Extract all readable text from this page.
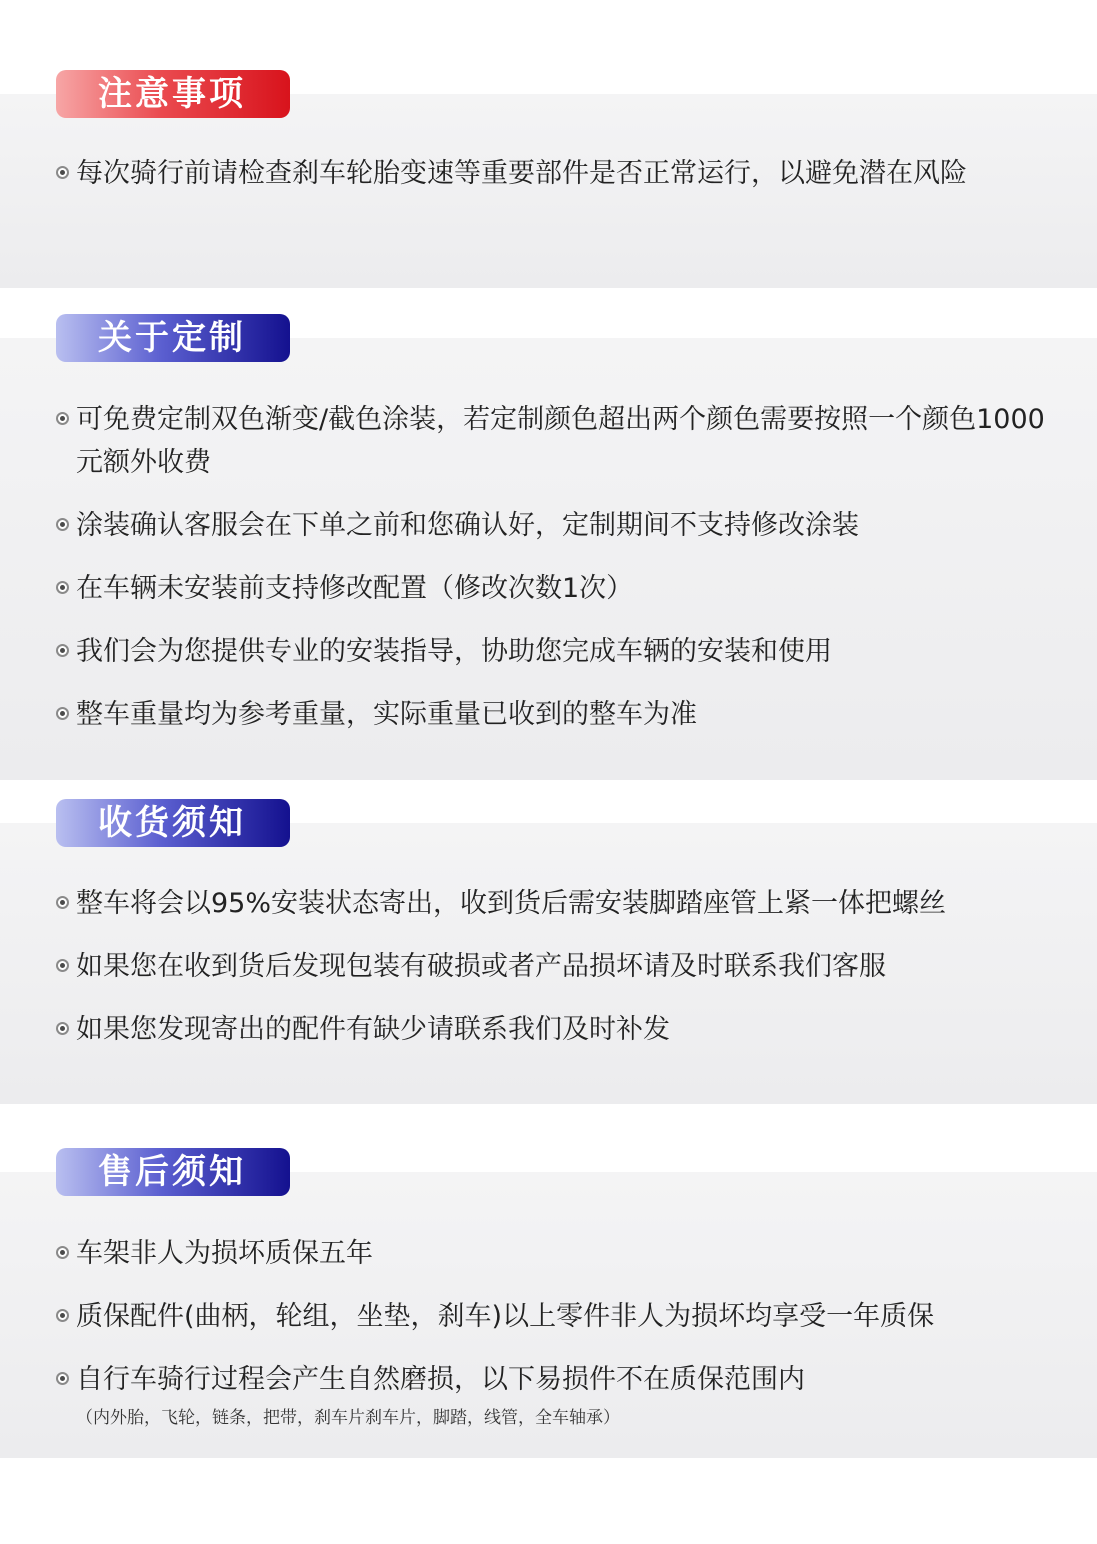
注意事项
每次骑行前请检查刹车轮胎变速等重要部件是否正常运行，以避免潜在风险
关于定制
可免费定制双色渐变/截色涂装，若定制颜色超出两个颜色需要按照一个颜色1000元额外收费
涂装确认客服会在下单之前和您确认好，定制期间不支持修改涂装
在车辆未安装前支持修改配置（修改次数1次）
我们会为您提供专业的安装指导，协助您完成车辆的安装和使用
整车重量均为参考重量，实际重量已收到的整车为准
收货须知
整车将会以95%安装状态寄出，收到货后需安装脚踏座管上紧一体把螺丝
如果您在收到货后发现包装有破损或者产品损坏请及时联系我们客服
如果您发现寄出的配件有缺少请联系我们及时补发
售后须知
车架非人为损坏质保五年
质保配件(曲柄，轮组，坐垫，刹车)以上零件非人为损坏均享受一年质保
自行车骑行过程会产生自然磨损，以下易损件不在质保范围内
（内外胎，飞轮，链条，把带，刹车片刹车片，脚踏，线管，全车轴承）
